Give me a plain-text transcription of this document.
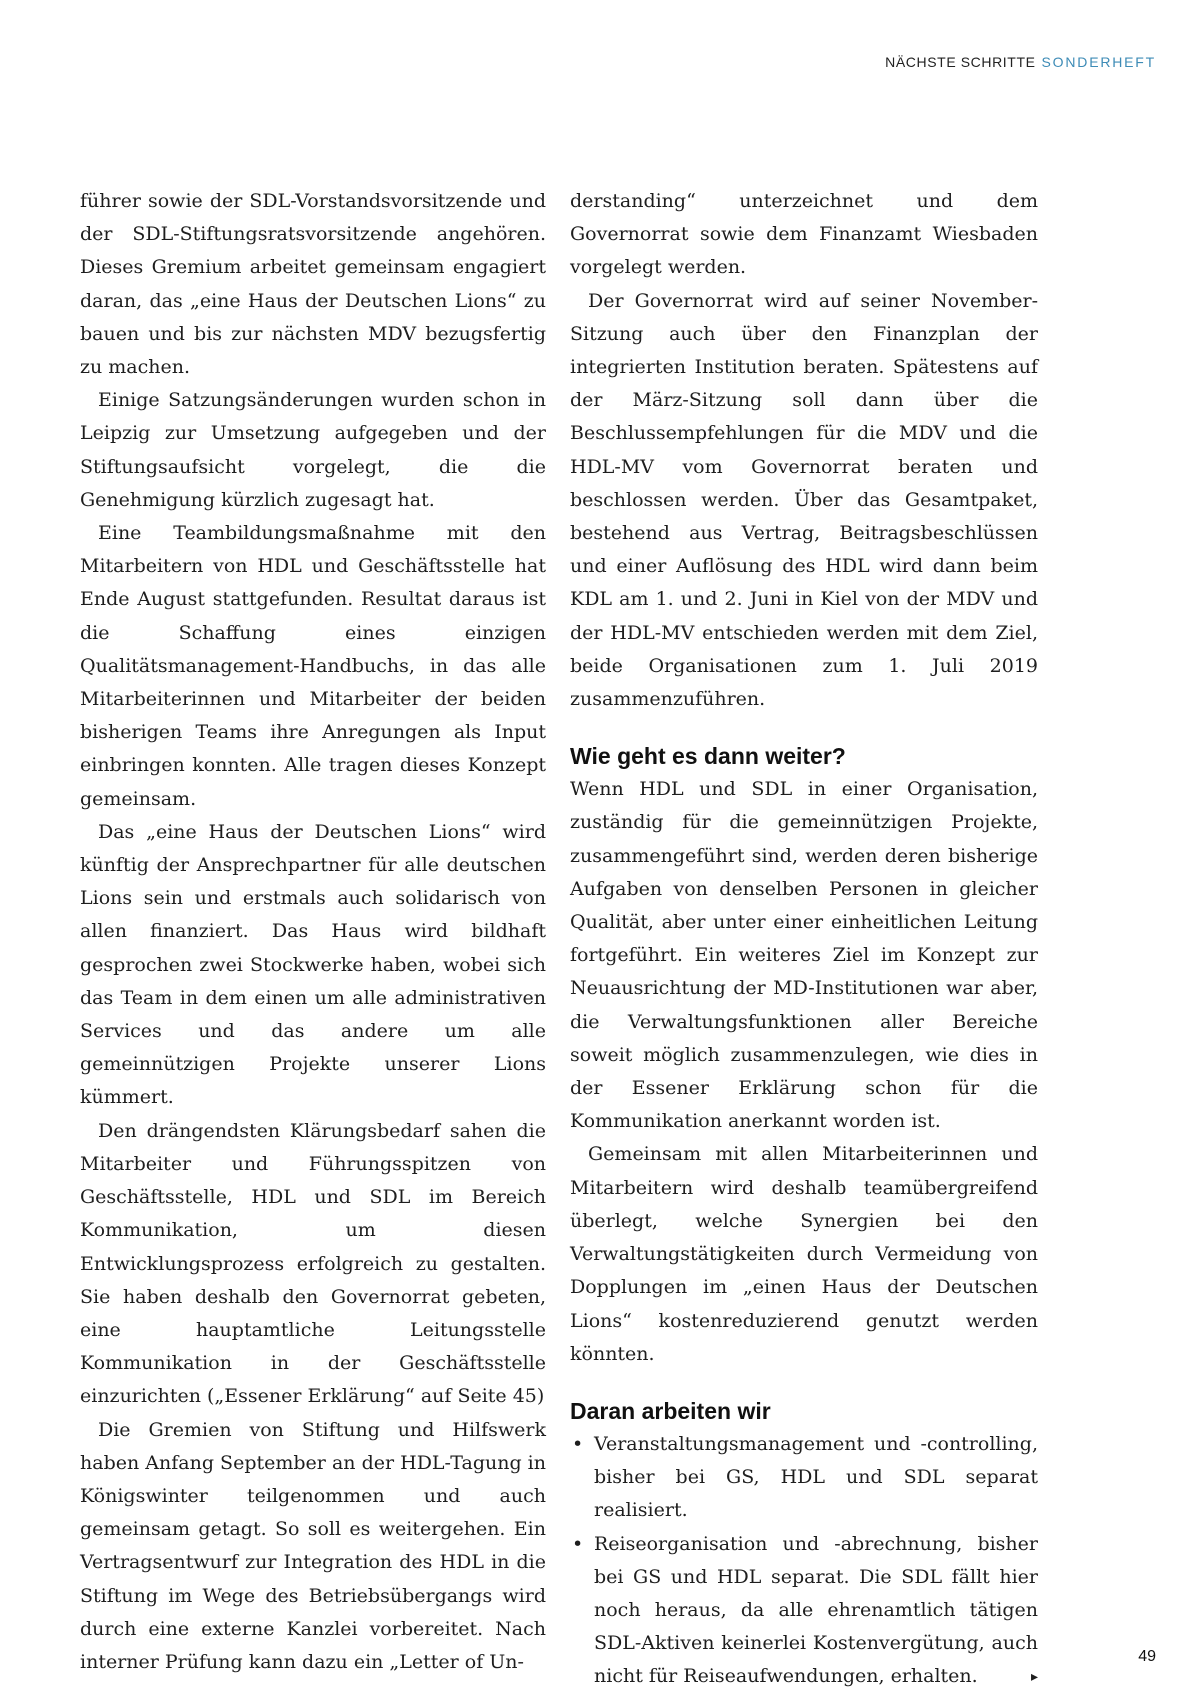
NÄCHSTE SCHRITTE SONDERHEFT

führer sowie der SDL-Vorstandsvorsitzende und der SDL-Stiftungsratsvorsitzende angehören. Dieses Gremium arbeitet gemeinsam engagiert daran, das „eine Haus der Deutschen Lions“ zu bauen und bis zur nächsten MDV bezugsfertig zu machen.

Einige Satzungsänderungen wurden schon in Leipzig zur Umsetzung aufgegeben und der Stiftungsaufsicht vorgelegt, die die Genehmigung kürzlich zugesagt hat.

Eine Teambildungsmaßnahme mit den Mitarbeitern von HDL und Geschäftsstelle hat Ende August stattgefunden. Resultat daraus ist die Schaffung eines einzigen Qualitätsmanagement-Handbuchs, in das alle Mitarbeiterinnen und Mitarbeiter der beiden bisherigen Teams ihre Anregungen als Input einbringen konnten. Alle tragen dieses Konzept gemeinsam.

Das „eine Haus der Deutschen Lions“ wird künftig der Ansprechpartner für alle deutschen Lions sein und erstmals auch solidarisch von allen finanziert. Das Haus wird bildhaft gesprochen zwei Stockwerke haben, wobei sich das Team in dem einen um alle administrativen Services und das andere um alle gemeinnützigen Projekte unserer Lions kümmert.

Den drängendsten Klärungsbedarf sahen die Mitarbeiter und Führungsspitzen von Geschäftsstelle, HDL und SDL im Bereich Kommunikation, um diesen Entwicklungsprozess erfolgreich zu gestalten. Sie haben deshalb den Governorrat gebeten, eine hauptamtliche Leitungsstelle Kommunikation in der Geschäftsstelle einzurichten („Essener Erklärung“ auf Seite 45)

Die Gremien von Stiftung und Hilfswerk haben Anfang September an der HDL-Tagung in Königswinter teilgenommen und auch gemeinsam getagt. So soll es weitergehen. Ein Vertragsentwurf zur Integration des HDL in die Stiftung im Wege des Betriebsübergangs wird durch eine externe Kanzlei vorbereitet. Nach interner Prüfung kann dazu ein „Letter of Un-

derstanding“ unterzeichnet und dem Governorrat sowie dem Finanzamt Wiesbaden vorgelegt werden.

Der Governorrat wird auf seiner November-Sitzung auch über den Finanzplan der integrierten Institution beraten. Spätestens auf der März-Sitzung soll dann über die Beschlussempfehlungen für die MDV und die HDL-MV vom Governorrat beraten und beschlossen werden. Über das Gesamtpaket, bestehend aus Vertrag, Beitragsbeschlüssen und einer Auflösung des HDL wird dann beim KDL am 1. und 2. Juni in Kiel von der MDV und der HDL-MV entschieden werden mit dem Ziel, beide Organisationen zum 1. Juli 2019 zusammenzuführen.

Wie geht es dann weiter?

Wenn HDL und SDL in einer Organisation, zuständig für die gemeinnützigen Projekte, zusammengeführt sind, werden deren bisherige Aufgaben von denselben Personen in gleicher Qualität, aber unter einer einheitlichen Leitung fortgeführt. Ein weiteres Ziel im Konzept zur Neuausrichtung der MD-Institutionen war aber, die Verwaltungsfunktionen aller Bereiche soweit möglich zusammenzulegen, wie dies in der Essener Erklärung schon für die Kommunikation anerkannt worden ist.

Gemeinsam mit allen Mitarbeiterinnen und Mitarbeitern wird deshalb teamübergreifend überlegt, welche Synergien bei den Verwaltungstätigkeiten durch Vermeidung von Dopplungen im „einen Haus der Deutschen Lions“ kostenreduzierend genutzt werden könnten.

Daran arbeiten wir
• Veranstaltungsmanagement und -controlling, bisher bei GS, HDL und SDL separat realisiert.
• Reiseorganisation und -abrechnung, bisher bei GS und HDL separat. Die SDL fällt hier noch heraus, da alle ehrenamtlich tätigen SDL-Aktiven keinerlei Kostenvergütung, auch nicht für Reiseaufwendungen, erhalten.	▸
49
